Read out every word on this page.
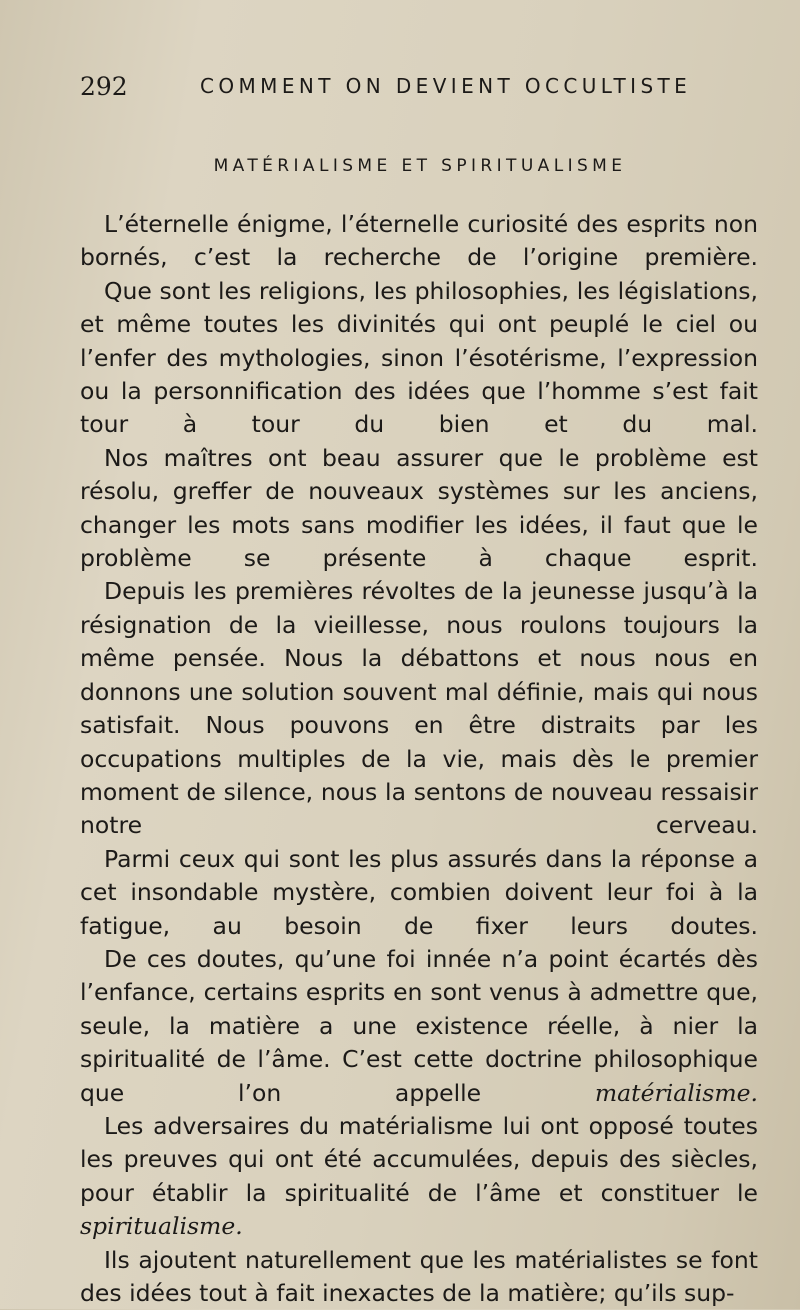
292	COMMENT ON DEVIENT OCCULTISTE
MATÉRIALISME ET SPIRITUALISME

L’éternelle énigme, l’éternelle curiosité des esprits non bornés, c’est la recherche de l’origine première.

Que sont les religions, les philosophies, les législations, et même toutes les divinités qui ont peuplé le ciel ou l’enfer des mythologies, sinon l’ésotérisme, l’expression ou la personnification des idées que l’homme s’est fait tour à tour du bien et du mal.

Nos maîtres ont beau assurer que le problème est résolu, greffer de nouveaux systèmes sur les anciens, changer les mots sans modifier les idées, il faut que le problème se présente à chaque esprit.

Depuis les premières révoltes de la jeunesse jusqu’à la résignation de la vieillesse, nous roulons toujours la même pensée. Nous la débattons et nous nous en donnons une solution souvent mal définie, mais qui nous satisfait. Nous pouvons en être distraits par les occupations multiples de la vie, mais dès le premier moment de silence, nous la sentons de nouveau ressaisir notre cerveau.

Parmi ceux qui sont les plus assurés dans la réponse a cet insondable mystère, combien doivent leur foi à la fatigue, au besoin de fixer leurs doutes.

De ces doutes, qu’une foi innée n’a point écartés dès l’enfance, certains esprits en sont venus à admettre que, seule, la matière a une existence réelle, à nier la spiritualité de l’âme. C’est cette doctrine philosophique que l’on appelle matérialisme.

Les adversaires du matérialisme lui ont opposé toutes les preuves qui ont été accumulées, depuis des siècles, pour établir la spiritualité de l’âme et constituer le spiritualisme.

Ils ajoutent naturellement que les matérialistes se font des idées tout à fait inexactes de la matière; qu’ils sup-
